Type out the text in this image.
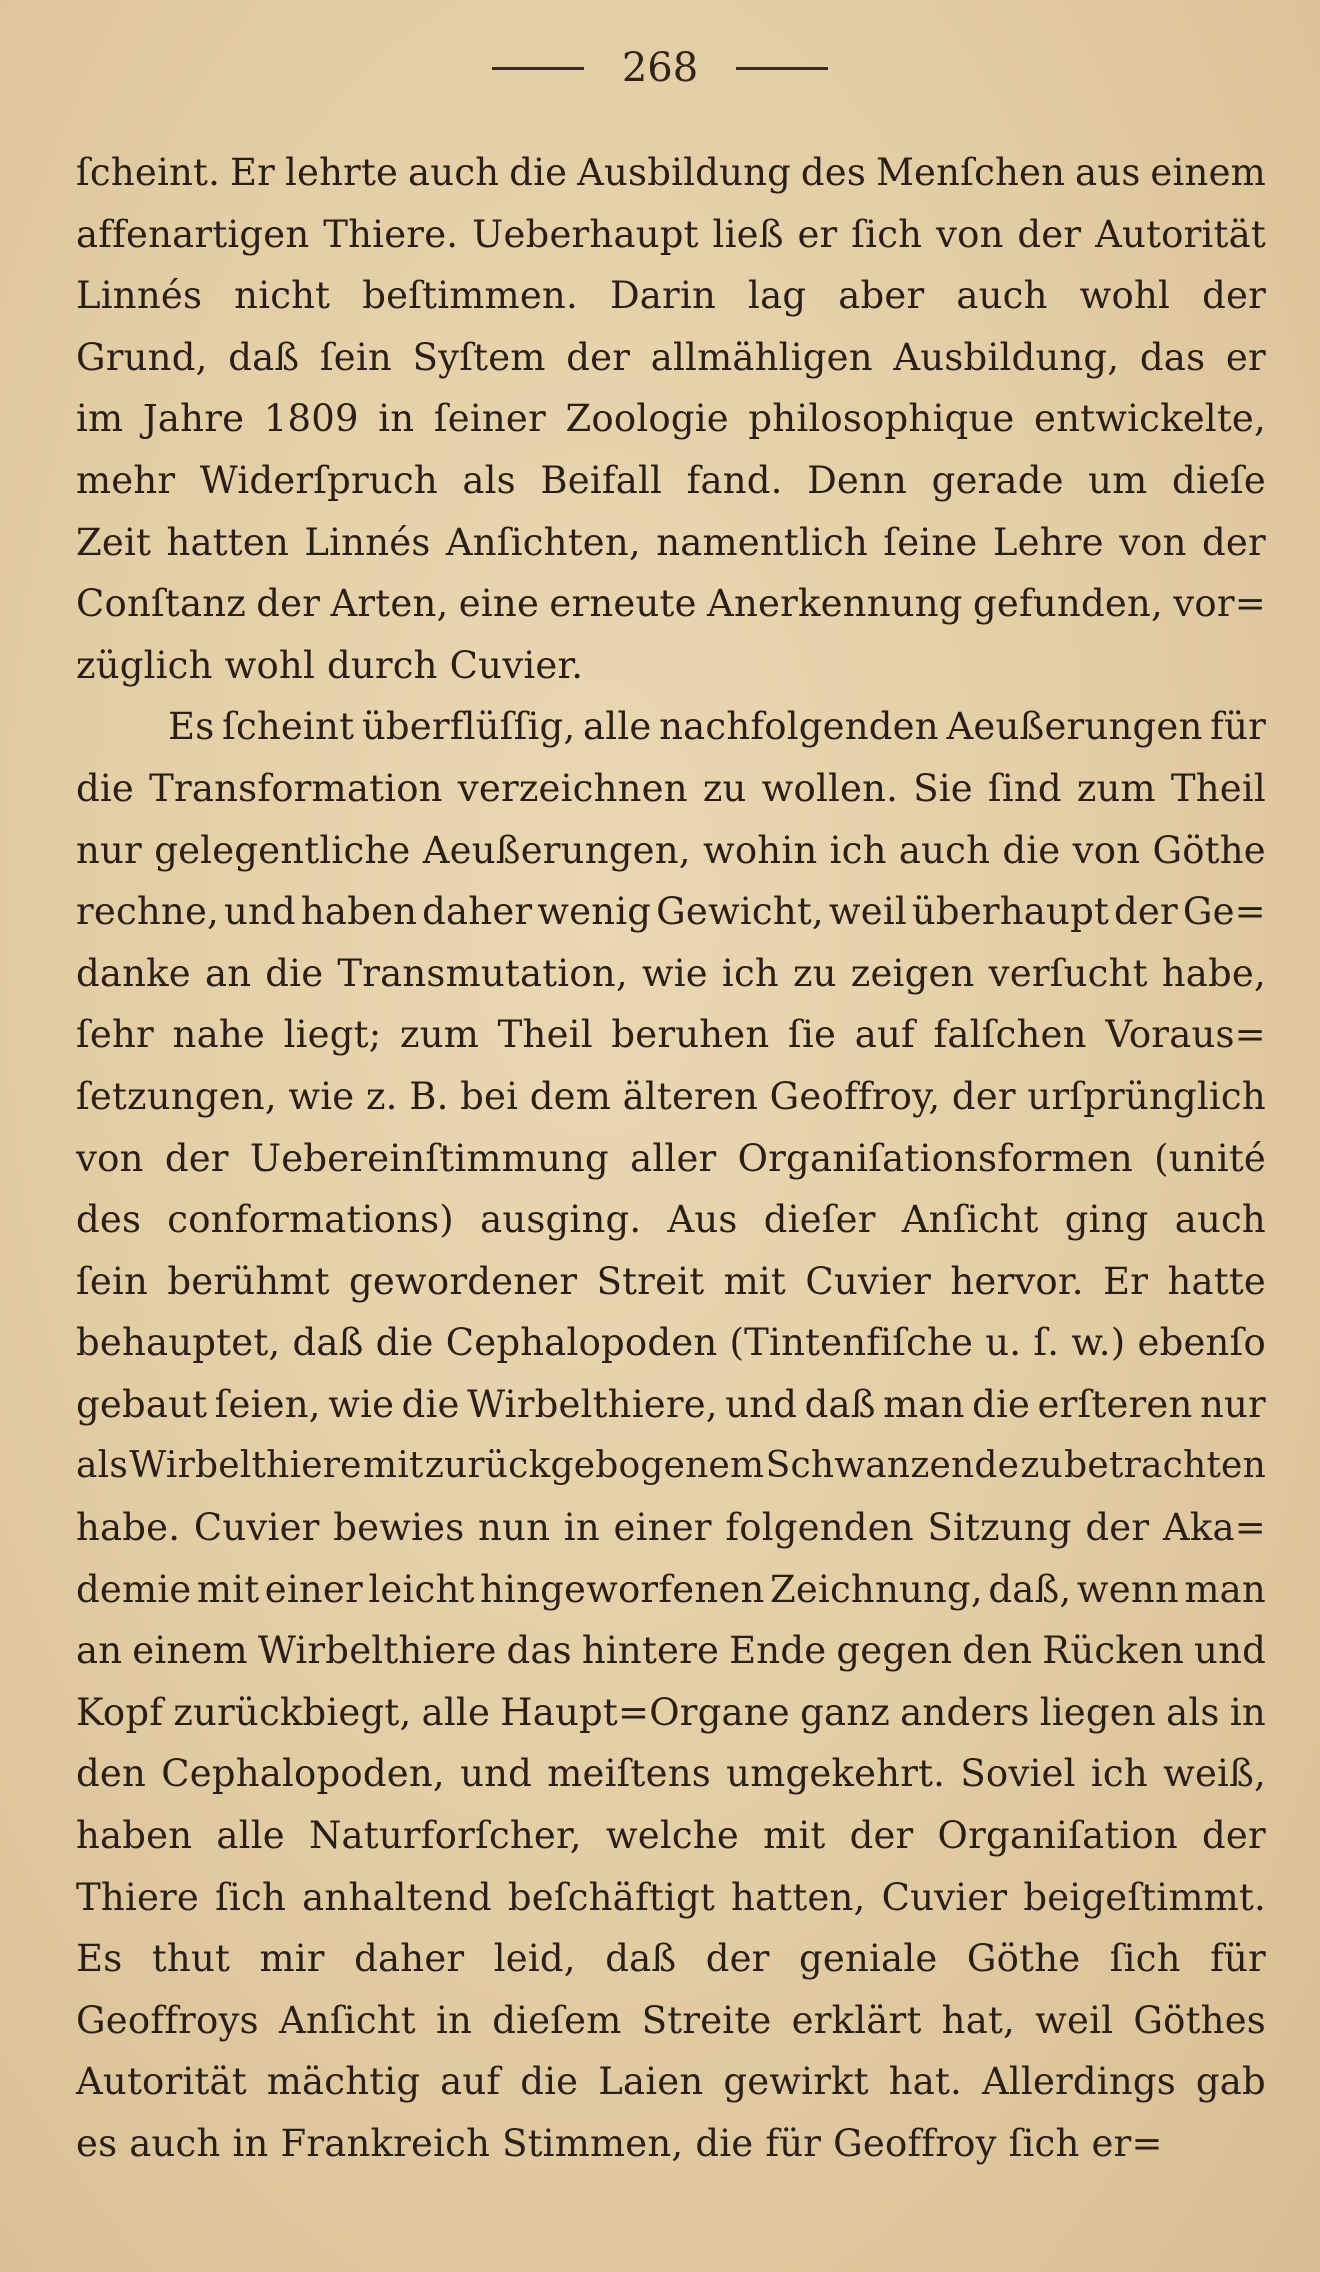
268
ſcheint. Er lehrte auch die Ausbildung des Menſchen aus einem
affenartigen Thiere. Ueberhaupt ließ er ſich von der Autorität
Linnés nicht beſtimmen. Darin lag aber auch wohl der
Grund, daß ſein Syſtem der allmähligen Ausbildung, das er
im Jahre 1809 in ſeiner Zoologie philosophique entwickelte,
mehr Widerſpruch als Beifall fand. Denn gerade um dieſe
Zeit hatten Linnés Anſichten, namentlich ſeine Lehre von der
Conſtanz der Arten, eine erneute Anerkennung gefunden, vor=
züglich wohl durch Cuvier.
Es ſcheint überflüſſig, alle nachfolgenden Aeußerungen für
die Transformation verzeichnen zu wollen. Sie ſind zum Theil
nur gelegentliche Aeußerungen, wohin ich auch die von Göthe
rechne, und haben daher wenig Gewicht, weil überhaupt der Ge=
danke an die Transmutation, wie ich zu zeigen verſucht habe,
ſehr nahe liegt; zum Theil beruhen ſie auf falſchen Voraus=
ſetzungen, wie z. B. bei dem älteren Geoffroy, der urſprünglich
von der Uebereinſtimmung aller Organiſationsformen (unité
des conformations) ausging. Aus dieſer Anſicht ging auch
ſein berühmt gewordener Streit mit Cuvier hervor. Er hatte
behauptet, daß die Cephalopoden (Tintenfiſche u. ſ. w.) ebenſo
gebaut ſeien, wie die Wirbelthiere, und daß man die erſteren nur
als Wirbelthiere mit zurückgebogenem Schwanzende zu betrachten
habe. Cuvier bewies nun in einer folgenden Sitzung der Aka=
demie mit einer leicht hingeworfenen Zeichnung, daß, wenn man
an einem Wirbelthiere das hintere Ende gegen den Rücken und
Kopf zurückbiegt, alle Haupt=Organe ganz anders liegen als in
den Cephalopoden, und meiſtens umgekehrt. Soviel ich weiß,
haben alle Naturforſcher, welche mit der Organiſation der
Thiere ſich anhaltend beſchäftigt hatten, Cuvier beigeſtimmt.
Es thut mir daher leid, daß der geniale Göthe ſich für
Geoffroys Anſicht in dieſem Streite erklärt hat, weil Göthes
Autorität mächtig auf die Laien gewirkt hat. Allerdings gab
es auch in Frankreich Stimmen, die für Geoffroy ſich er=
